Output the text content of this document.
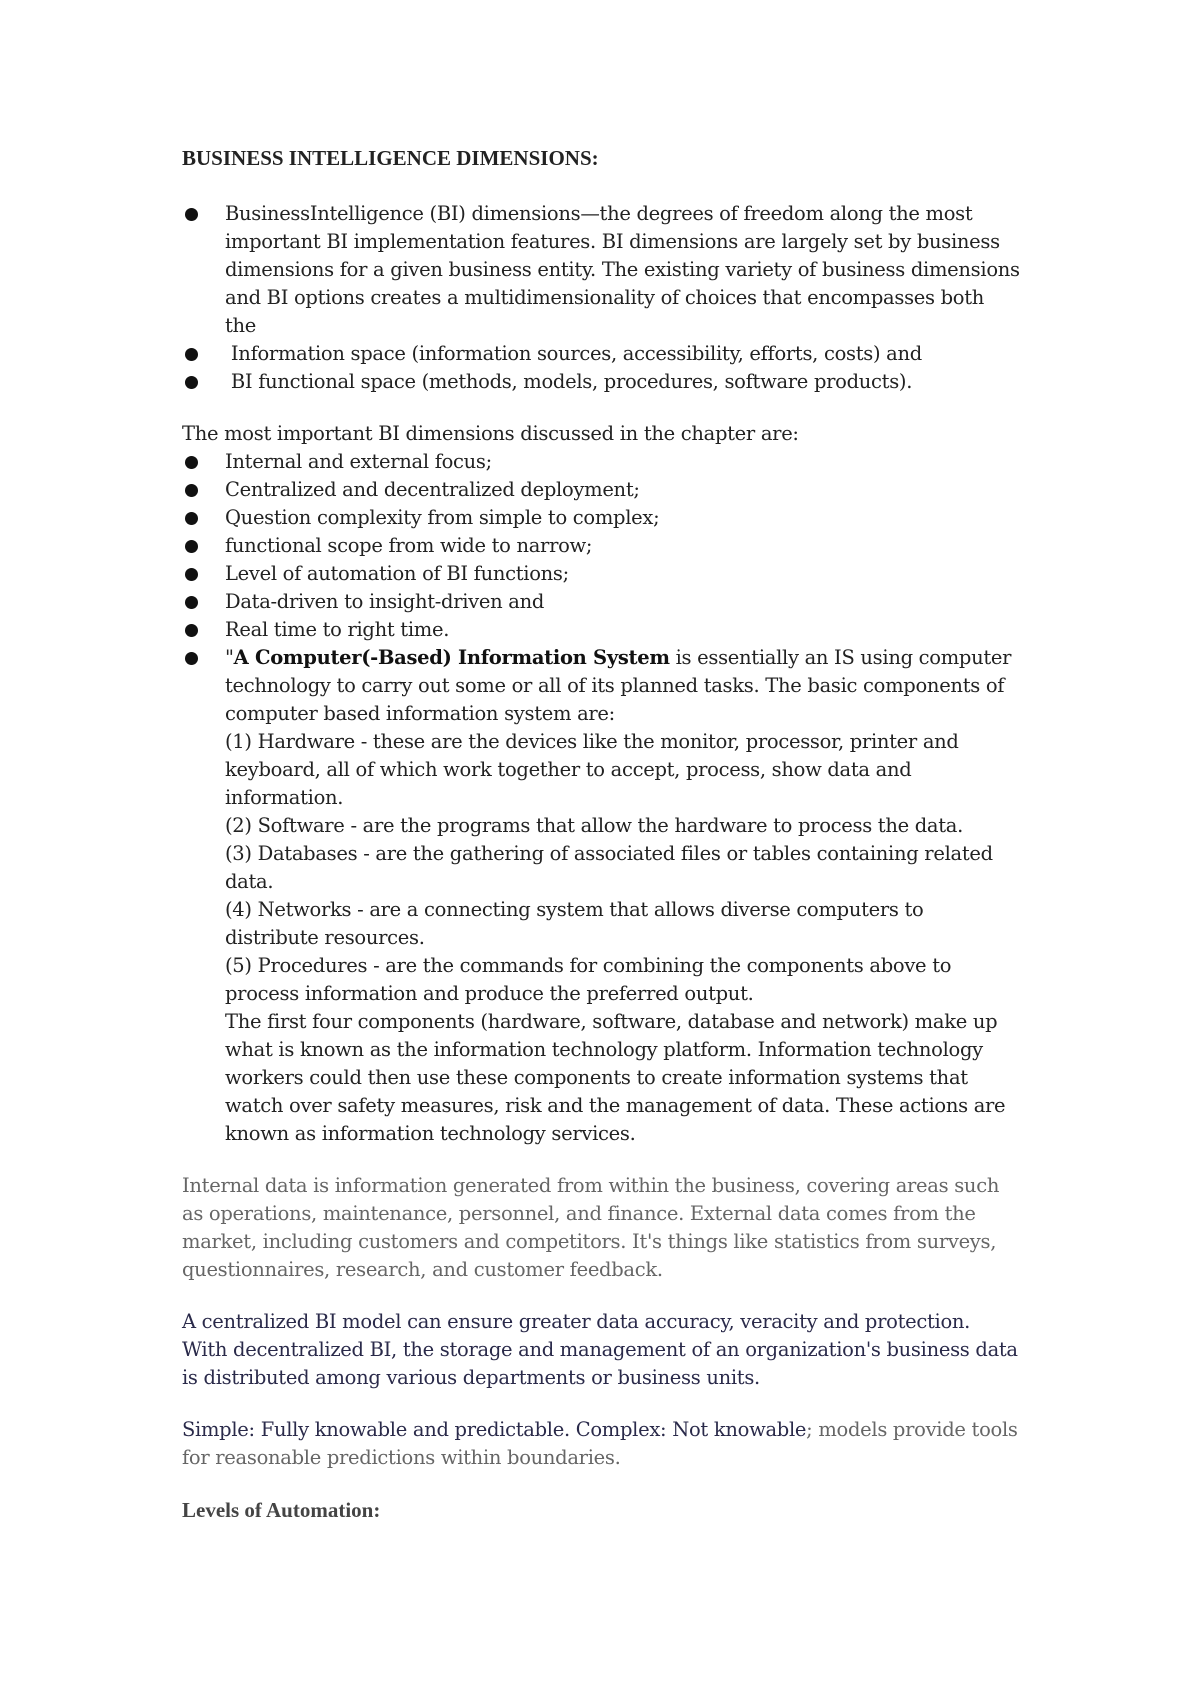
BUSINESS INTELLIGENCE DIMENSIONS:
BusinessIntelligence (BI) dimensions—the degrees of freedom along the most important BI implementation features. BI dimensions are largely set by business dimensions for a given business entity. The existing variety of business dimensions and BI options creates a multidimensionality of choices that encompasses both the
Information space (information sources, accessibility, efforts, costs) and
BI functional space (methods, models, procedures, software products).

The most important BI dimensions discussed in the chapter are:

Internal and external focus;
Centralized and decentralized deployment;
Question complexity from simple to complex;
functional scope from wide to narrow;
Level of automation of BI functions;
Data-driven to insight-driven and
Real time to right time.
"A Computer(-Based) Information System is essentially an IS using computer technology to carry out some or all of its planned tasks. The basic components of computer based information system are:
(1) Hardware - these are the devices like the monitor, processor, printer and keyboard, all of which work together to accept, process, show data and information.
(2) Software - are the programs that allow the hardware to process the data.
(3) Databases - are the gathering of associated files or tables containing related data.
(4) Networks - are a connecting system that allows diverse computers to distribute resources.
(5) Procedures - are the commands for combining the components above to process information and produce the preferred output.
The first four components (hardware, software, database and network) make up what is known as the information technology platform. Information technology workers could then use these components to create information systems that watch over safety measures, risk and the management of data. These actions are known as information technology services.

Internal data is information generated from within the business, covering areas such as operations, maintenance, personnel, and finance. External data comes from the market, including customers and competitors. It's things like statistics from surveys, questionnaires, research, and customer feedback.

A centralized BI model can ensure greater data accuracy, veracity and protection. With decentralized BI, the storage and management of an organization's business data is distributed among various departments or business units.

Simple: Fully knowable and predictable. Complex: Not knowable; models provide tools for reasonable predictions within boundaries.

Levels of Automation:
